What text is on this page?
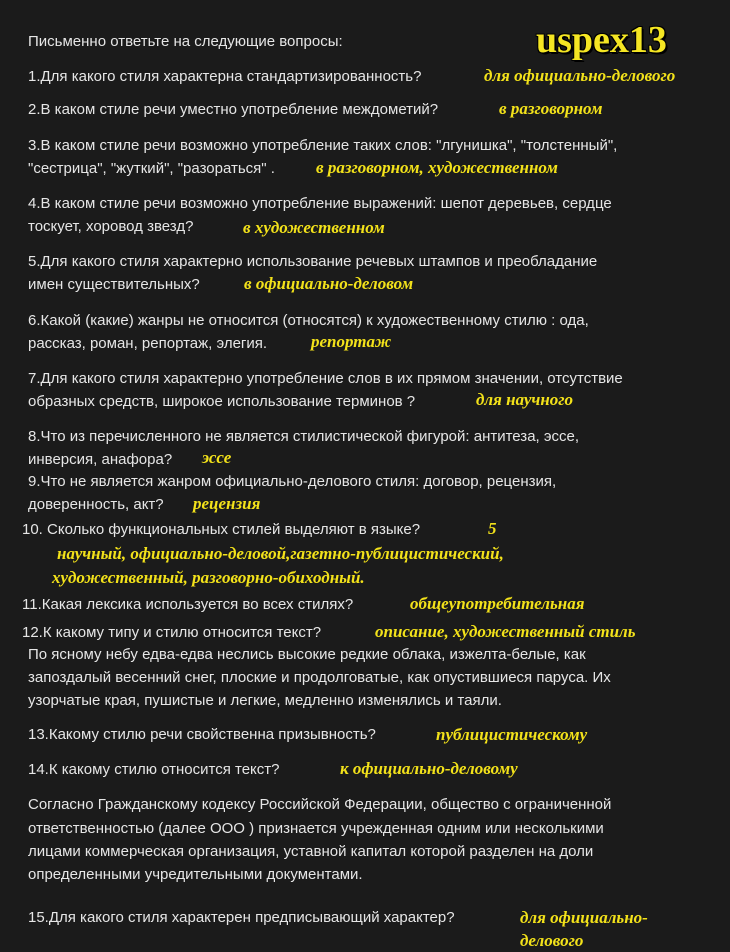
uspex13
Письменно ответьте на следующие вопросы:
1.Для какого стиля характерна стандартизированность?	для официально-делового
2.В каком стиле речи уместно употребление междометий?	в разговорном
3.В каком стиле речи возможно употребление таких слов: "лгунишка", "толстенный",
"сестрица", "жуткий", "разораться" . в разговорном, художественном
4.В каком стиле речи возможно употребление выражений: шепот деревьев, сердце
тоскует, хоровод звезд?	в художественном
5.Для какого стиля характерно использование речевых штампов и преобладание
имен существительных?	в официально-деловом
6.Какой (какие) жанры не относится (относятся) к художественному стилю : ода,
рассказ, роман, репортаж, элегия.	репортаж
7.Для какого стиля характерно употребление слов в их прямом значении, отсутствие
образных средств, широкое использование терминов ?	для научного
8.Что из перечисленного не является стилистической фигурой: антитеза, эссе,
инверсия, анафора? эссе
9.Что не является жанром официально-делового стиля: договор, рецензия,
доверенность, акт? рецензия
10. Сколько функциональных стилей выделяют в языке?	5
научный, официально-деловой,газетно-публицистический,
художественный, разговорно-обиходный.
11.Какая лексика используется во всех стилях?	общеупотребительная
12.К какому типу и стилю относится текст?	описание, художественный стиль
По ясному небу едва-едва неслись высокие редкие облака, изжелта-белые, как
запоздалый весенний снег, плоские и продолговатые, как опустившиеся паруса. Их
узорчатые края, пушистые и легкие, медленно изменялись и таяли.
13.Какому стилю речи свойственна призывность?	публицистическому
14.К какому стилю относится текст?	к официально-деловому
Согласно Гражданскому кодексу Российской Федерации, общество с ограниченной
ответственностью (далее ООО ) признается учрежденная одним или несколькими
лицами коммерческая организация, уставной капитал которой разделен на доли
определенными учредительными документами.
15.Для какого стиля характерен предписывающий характер?	для официально-
делового
